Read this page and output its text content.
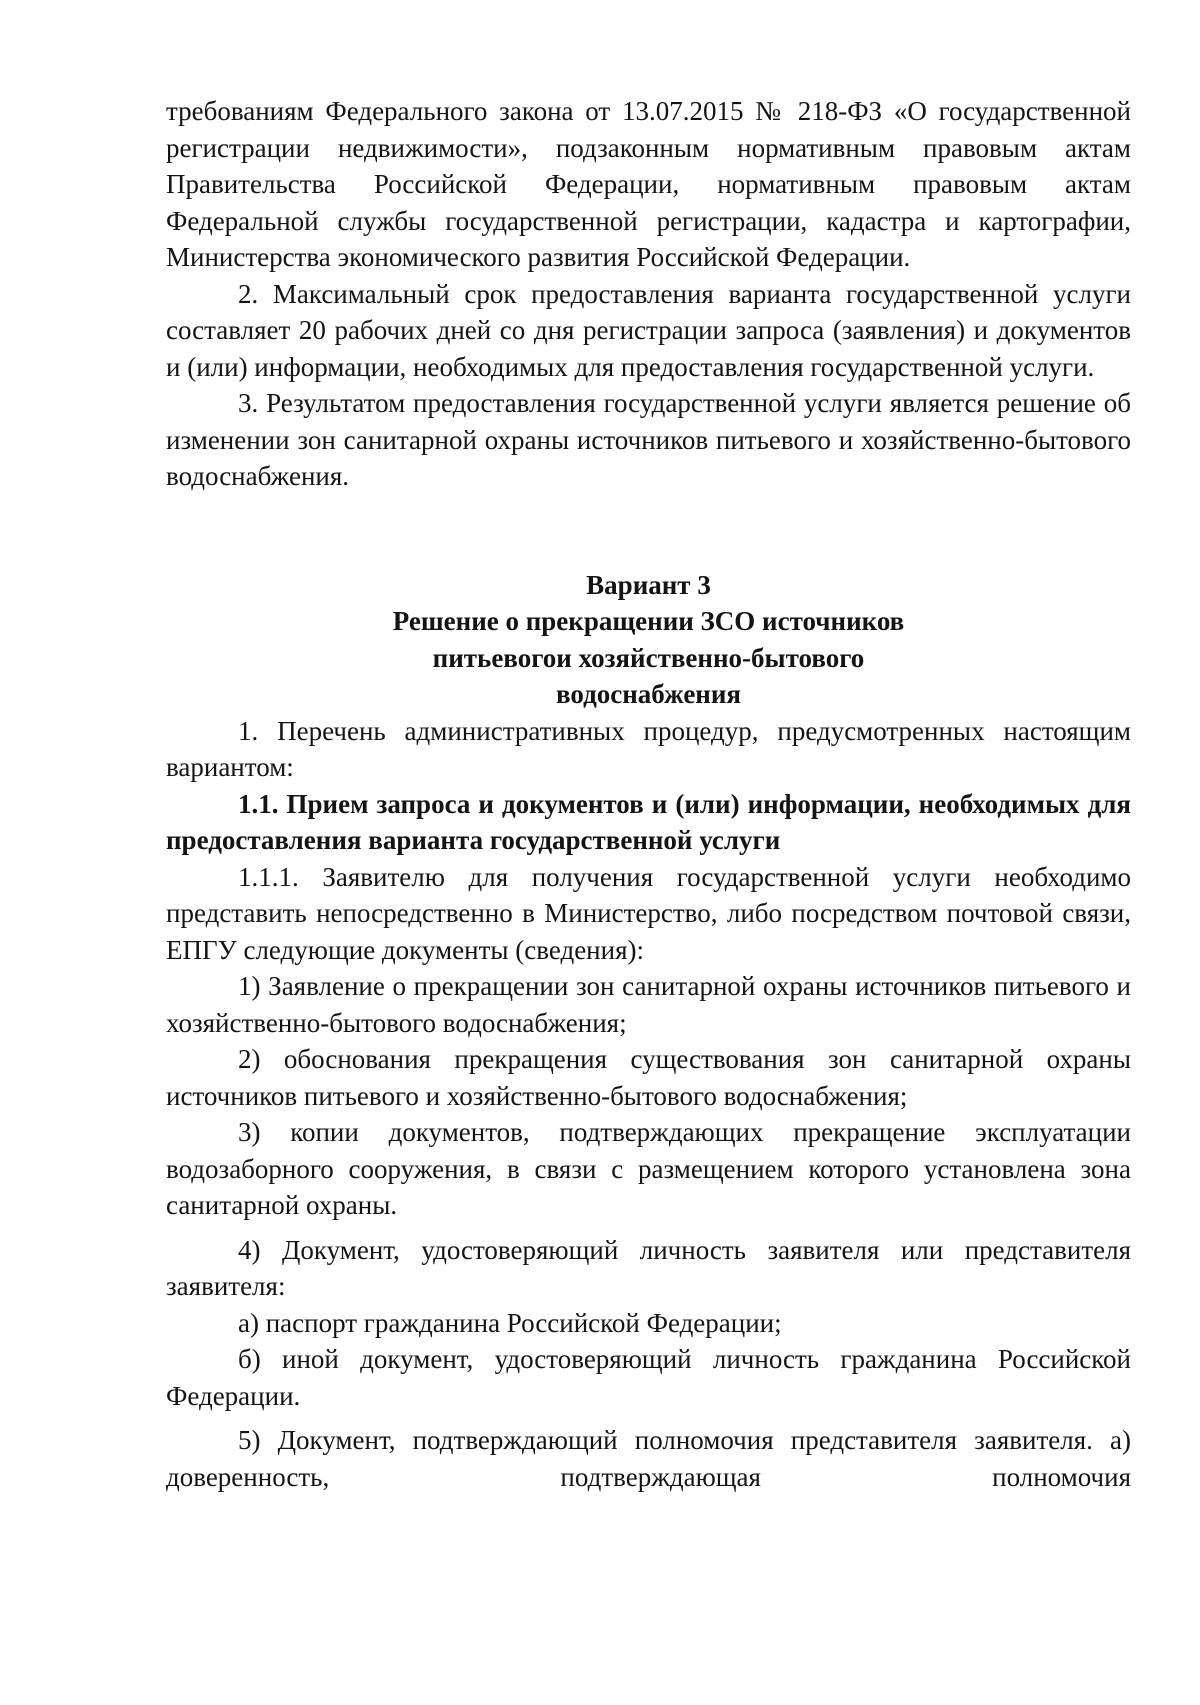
требованиям Федерального закона от 13.07.2015 № 218-ФЗ «О государственной регистрации недвижимости», подзаконным нормативным правовым актам Правительства Российской Федерации, нормативным правовым актам Федеральной службы государственной регистрации, кадастра и картографии, Министерства экономического развития Российской Федерации.

2. Максимальный срок предоставления варианта государственной услуги составляет 20 рабочих дней со дня регистрации запроса (заявления) и документов и (или) информации, необходимых для предоставления государственной услуги.

3. Результатом предоставления государственной услуги является решение об изменении зон санитарной охраны источников питьевого и хозяйственно-бытового водоснабжения.

Вариант 3

Решение о прекращении ЗСО источников

питьевогои хозяйственно-бытового

водоснабжения

1. Перечень административных процедур, предусмотренных настоящим вариантом:

1.1. Прием запроса и документов и (или) информации, необходимых для предоставления варианта государственной услуги

1.1.1. Заявителю для получения государственной услуги необходимо представить непосредственно в Министерство, либо посредством почтовой связи, ЕПГУ следующие документы (сведения):

1) Заявление о прекращении зон санитарной охраны источников питьевого и хозяйственно-бытового водоснабжения;

2) обоснования прекращения существования зон санитарной охраны источников питьевого и хозяйственно-бытового водоснабжения;

3) копии документов, подтверждающих прекращение эксплуатации водозаборного сооружения, в связи с размещением которого установлена зона санитарной охраны.

4) Документ, удостоверяющий личность заявителя или представителя заявителя:

а) паспорт гражданина Российской Федерации;

б) иной документ, удостоверяющий личность гражданина Российской Федерации.

5) Документ, подтверждающий полномочия представителя заявителя. а) доверенность, подтверждающая полномочия
